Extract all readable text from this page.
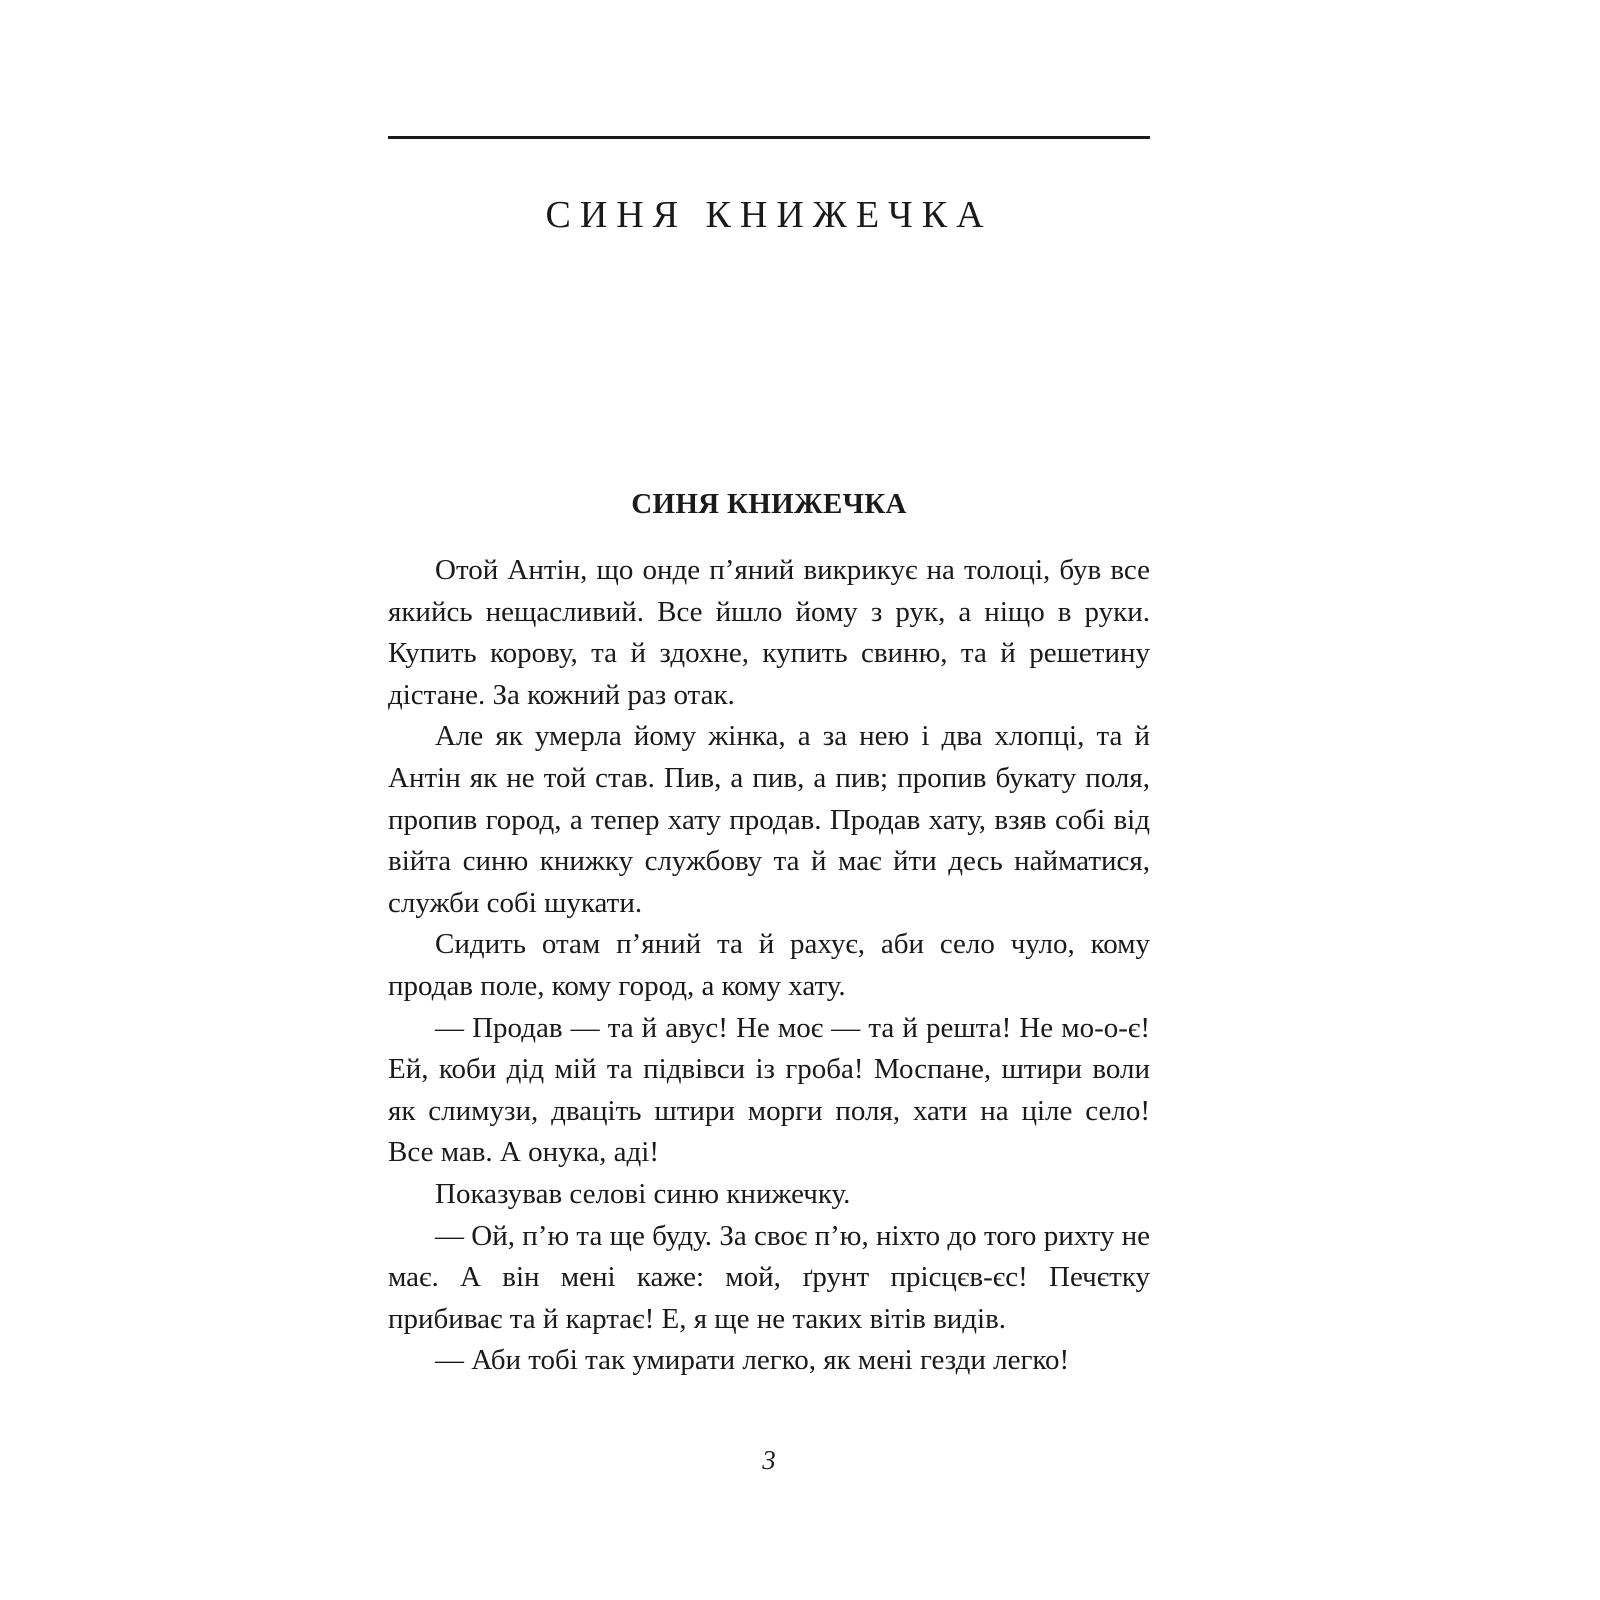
СИНЯ КНИЖЕЧКА
СИНЯ КНИЖЕЧКА

Отой Антін, що онде п’яний викрикує на толоці, був все якийсь нещасливий. Все йшло йому з рук, а ніщо в руки. Купить корову, та й здохне, купить свиню, та й решетину дістане. За кожний раз отак.

Але як умерла йому жінка, а за нею і два хлопці, та й Антін як не той став. Пив, а пив, а пив; пропив букату поля, пропив город, а тепер хату продав. Продав хату, взяв собі від війта синю книжку службову та й має йти десь найматися, служби собі шукати.

Сидить отам п’яний та й рахує, аби село чуло, кому продав поле, кому город, а кому хату.

— Продав — та й авус! Не моє — та й решта! Не мо-о-є! Ей, коби дід мій та підвівси із гроба! Моспане, штири воли як слимузи, дваціть штири морги поля, хати на ціле село! Все мав. А онука, аді!

Показував селові синю книжечку.

— Ой, п’ю та ще буду. За своє п’ю, ніхто до того рихту не має. А він мені каже: мой, ґрунт прісцєв-єс! Печєтку прибиває та й картає! Е, я ще не таких вітів видів.

— Аби тобі так умирати легко, як мені гезди легко!

3
